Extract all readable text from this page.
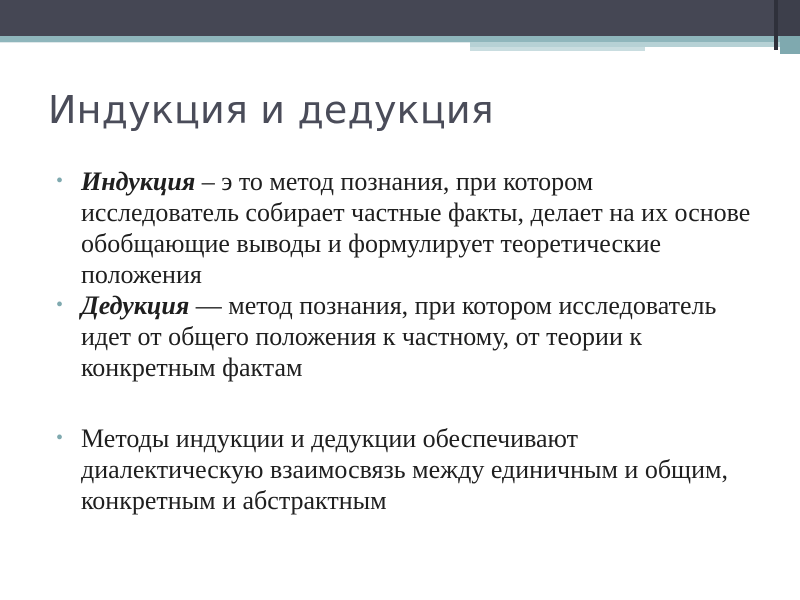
Индукция и дедукция
• Индукция – э то метод познания, при котором исследователь собирает частные факты, делает на их основе обобщающие выводы и формулирует теоретические положения
• Дедукция — метод познания, при котором исследователь идет от общего положения к частному, от теории к конкретным фактам
• Методы индукции и дедукции обеспечивают диалектическую взаимосвязь между единичным и общим, конкретным и абстрактным
